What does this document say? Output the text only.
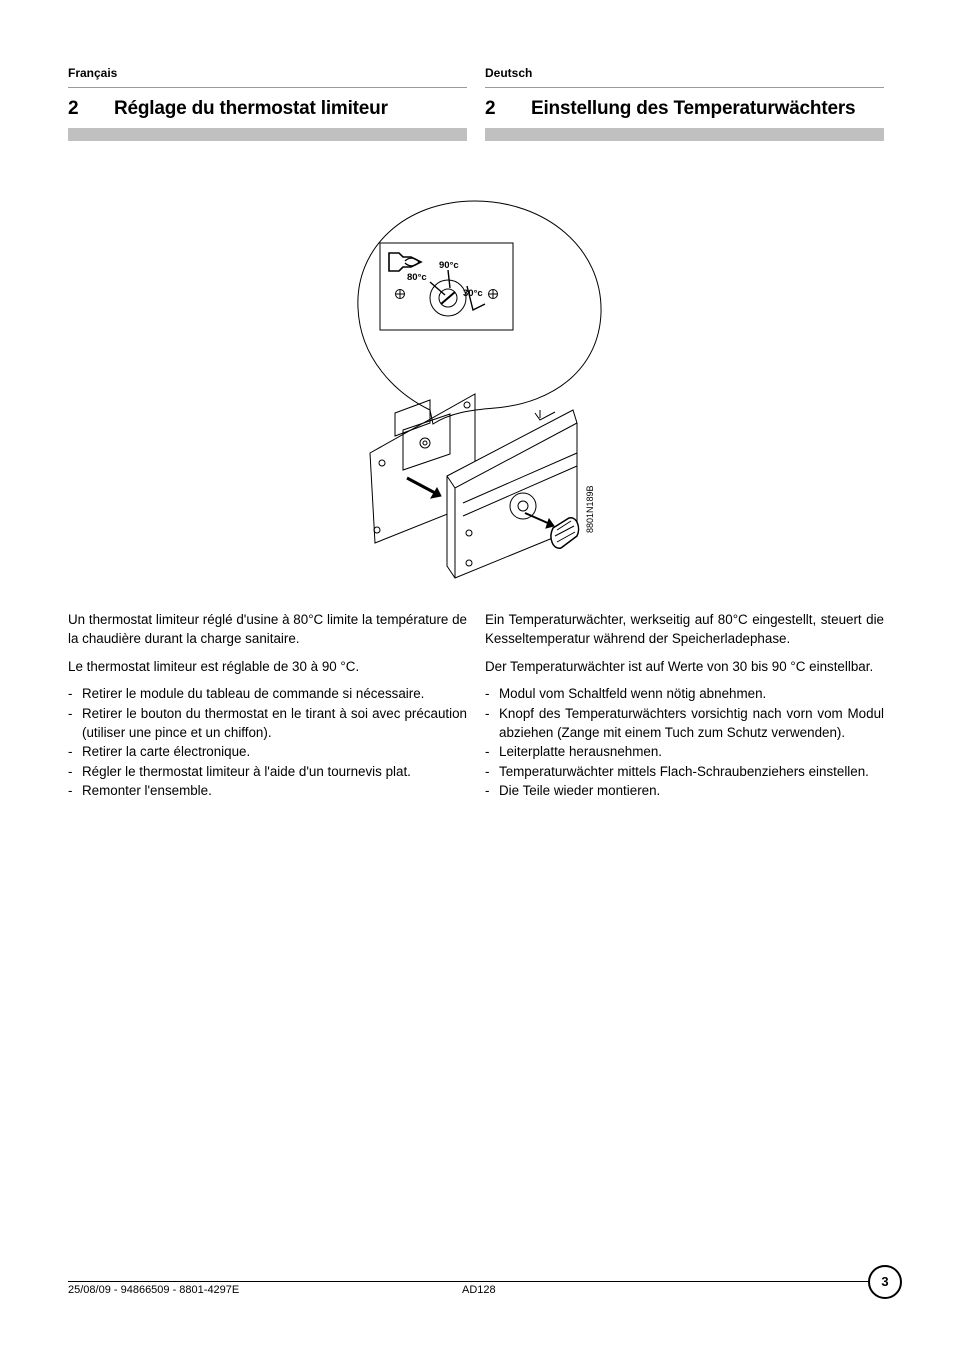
Français
2 Réglage du thermostat limiteur
Deutsch
2 Einstellung des Temperaturwächters
90°c
80°c
30°c
8801N189B

Un thermostat limiteur réglé d'usine à 80°C limite la température de la chaudière durant la charge sanitaire.

Le thermostat limiteur est réglable de 30 à 90 °C.

- Retirer le module du tableau de commande si nécessaire.
- Retirer le bouton du thermostat en le tirant à soi avec précaution (utiliser une pince et un chiffon).
- Retirer la carte électronique.
- Régler le thermostat limiteur à l'aide d'un tournevis plat.
- Remonter l'ensemble.

Ein Temperaturwächter, werkseitig auf 80°C eingestellt, steuert die Kesseltemperatur während der Speicherladephase.

Der Temperaturwächter ist auf Werte von 30 bis 90 °C einstellbar.

- Modul vom Schaltfeld wenn nötig abnehmen.
- Knopf des Temperaturwächters vorsichtig nach vorn vom Modul abziehen (Zange mit einem Tuch zum Schutz verwenden).
- Leiterplatte herausnehmen.
- Temperaturwächter mittels Flach-Schraubenziehers einstellen.
- Die Teile wieder montieren.
25/08/09 - 94866509 - 8801-4297E	AD128
3
